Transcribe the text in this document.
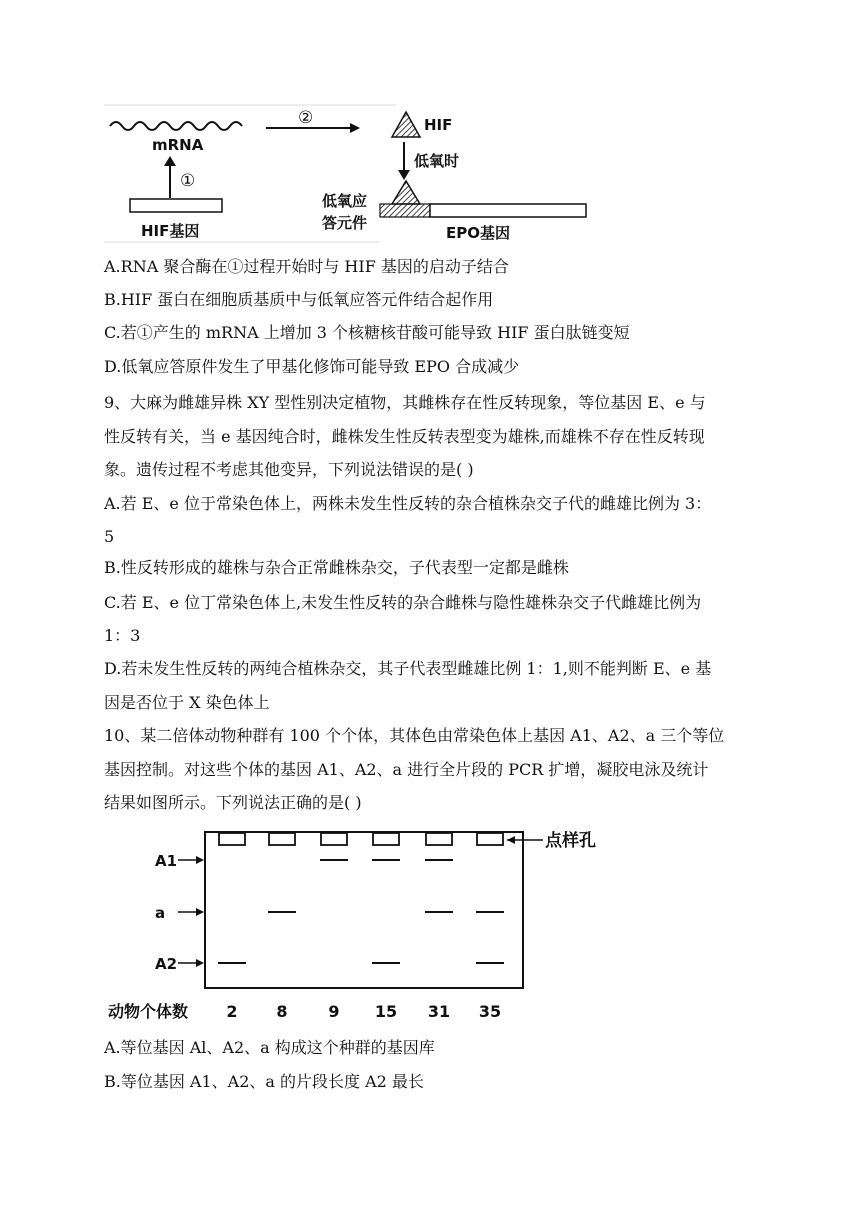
mRNA
①
HIF基因
②	HIF
低氧时
低氧应
答元件
EPO基因
A.RNA 聚合酶在①过程开始时与 HIF 基因的启动子结合
B.HIF 蛋白在细胞质基质中与低氧应答元件结合起作用
C.若①产生的 mRNA 上增加 3 个核糖核苷酸可能导致 HIF 蛋白肽链变短
D.低氧应答原件发生了甲基化修饰可能导致 EPO 合成减少
9、大麻为雌雄异株 XY 型性别决定植物，其雌株存在性反转现象，等位基因 E、e 与
性反转有关，当 e 基因纯合时，雌株发生性反转表型变为雄株,而雄株不存在性反转现
象。遗传过程不考虑其他变异，下列说法错误的是( )
A.若 E、e 位于常染色体上，两株未发生性反转的杂合植株杂交子代的雌雄比例为 3：
5
B.性反转形成的雄株与杂合正常雌株杂交，子代表型一定都是雌株
C.若 E、e 位丁常染色体上,未发生性反转的杂合雌株与隐性雄株杂交子代雌雄比例为
1：3
D.若未发生性反转的两纯合植株杂交，其子代表型雌雄比例 1：1,则不能判断 E、e 基
因是否位于 X 染色体上
10、某二倍体动物种群有 100 个个体，其体色由常染色体上基因 A1、A2、a 三个等位
基因控制。对这些个体的基因 A1、A2、a 进行全片段的 PCR 扩增，凝胶电泳及统计
结果如图所示。下列说法正确的是( )
点样孔
A1
a
A2
动物个体数 2 8	9 15 31 35
A.等位基因 Al、A2、a 构成这个种群的基因库
B.等位基因 A1、A2、a 的片段长度 A2 最长
